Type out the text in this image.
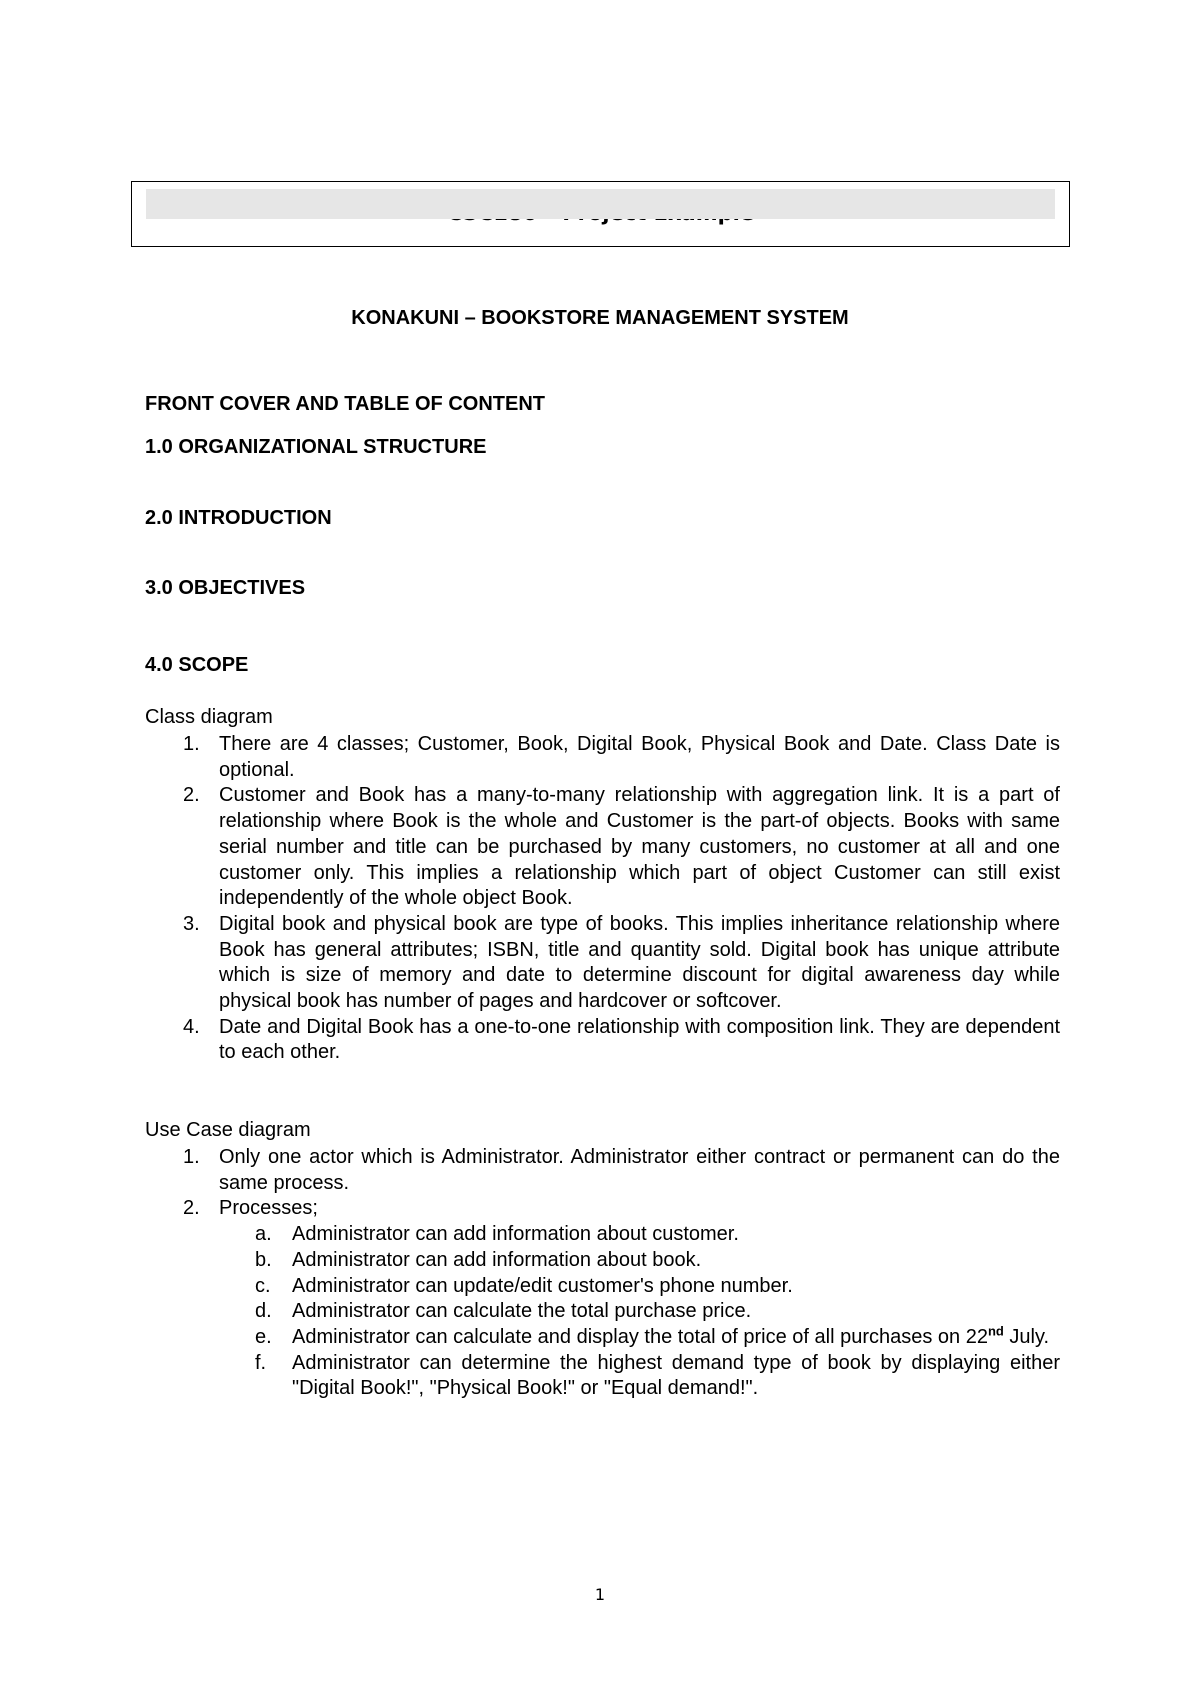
KONAKUNI – BOOKSTORE MANAGEMENT SYSTEM
FRONT COVER AND TABLE OF CONTENT
1.0 ORGANIZATIONAL STRUCTURE
2.0 INTRODUCTION
3.0 OBJECTIVES
4.0 SCOPE
Class diagram
1. There are 4 classes; Customer, Book, Digital Book, Physical Book and Date. Class Date is optional.
2. Customer and Book has a many-to-many relationship with aggregation link. It is a part of relationship where Book is the whole and Customer is the part-of objects. Books with same serial number and title can be purchased by many customers, no customer at all and one customer only. This implies a relationship which part of object Customer can still exist independently of the whole object Book.
3. Digital book and physical book are type of books. This implies inheritance relationship where Book has general attributes; ISBN, title and quantity sold. Digital book has unique attribute which is size of memory and date to determine discount for digital awareness day while physical book has number of pages and hardcover or softcover.
4. Date and Digital Book has a one-to-one relationship with composition link. They are dependent to each other.
Use Case diagram
1. Only one actor which is Administrator. Administrator either contract or permanent can do the same process.
2. Processes;
a. Administrator can add information about customer.
b. Administrator can add information about book.
c. Administrator can update/edit customer's phone number.
d. Administrator can calculate the total purchase price.
e. Administrator can calculate and display the total of price of all purchases on 22nd July.
f. Administrator can determine the highest demand type of book by displaying either "Digital Book!", "Physical Book!" or "Equal demand!".
1
